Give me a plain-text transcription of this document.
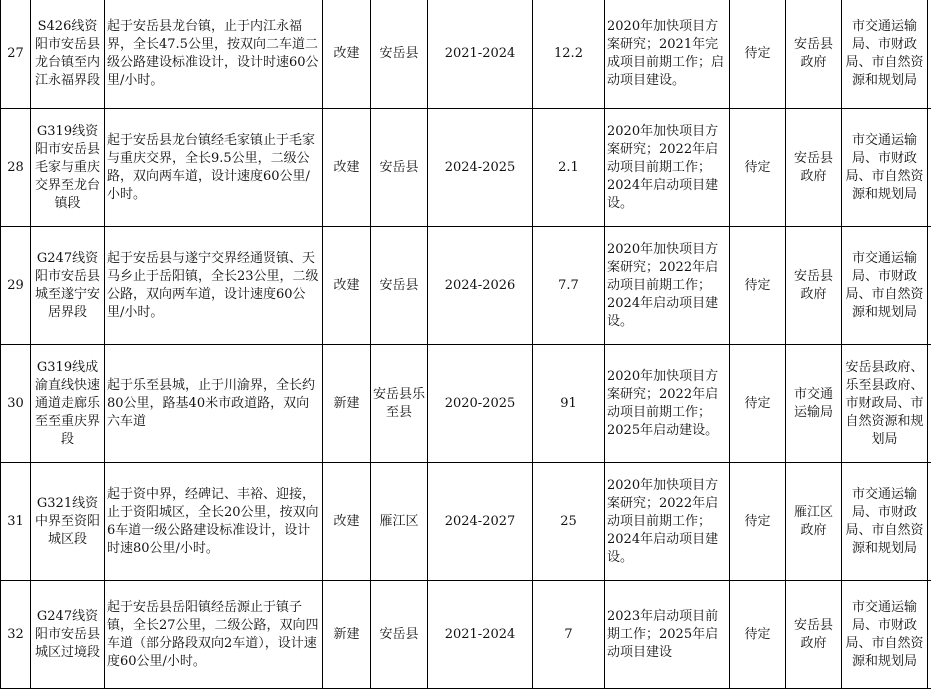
27	S426线资阳市安岳县龙台镇至内江永福界段	起于安岳县龙台镇，止于内江永福界，全长47.5公里，按双向二车道二级公路建设标准设计，设计时速60公里/小时。	改建	安岳县	2021-2024	12.2	2020年加快项目方案研究；2021年完成项目前期工作；启动项目建设。	待定	安岳县政府	市交通运输局、市财政局、市自然资源和规划局	
28	G319线资阳市安岳县毛家与重庆交界至龙台镇段	起于安岳县龙台镇经毛家镇止于毛家与重庆交界，全长9.5公里，二级公路，双向两车道，设计速度60公里/小时。	改建	安岳县	2024-2025	2.1	2020年加快项目方案研究；2022年启动项目前期工作；2024年启动项目建设。	待定	安岳县政府	市交通运输局、市财政局、市自然资源和规划局	
29	G247线资阳市安岳县城至遂宁安居界段	起于安岳县与遂宁交界经通贤镇、天马乡止于岳阳镇，全长23公里，二级公路，双向两车道，设计速度60公里/小时。	改建	安岳县	2024-2026	7.7	2020年加快项目方案研究；2022年启动项目前期工作；2024年启动项目建设。	待定	安岳县政府	市交通运输局、市财政局、市自然资源和规划局	
30	G319线成渝直线快速通道走廊乐至至重庆界段	起于乐至县城，止于川渝界，全长约80公里，路基40米市政道路，双向六车道	新建	安岳县乐至县	2020-2025	91	2020年加快项目方案研究；2022年启动项目前期工作；2025年启动建设。	待定	市交通运输局	安岳县政府、乐至县政府、市财政局、市自然资源和规划局	
31	G321线资中界至资阳城区段	起于资中界，经碑记、丰裕、迎接，止于资阳城区，全长20公里，按双向6车道一级公路建设标准设计，设计时速80公里/小时。	改建	雁江区	2024-2027	25	2020年加快项目方案研究；2022年启动项目前期工作；2024年启动项目建设。	待定	雁江区政府	市交通运输局、市财政局、市自然资源和规划局	
32	G247线资阳市安岳县城区过境段	起于安岳县岳阳镇经岳源止于镇子镇，全长27公里，二级公路，双向四车道（部分路段双向2车道），设计速度60公里/小时。	新建	安岳县	2021-2024	7	2023年启动项目前期工作；2025年启动项目建设	待定	安岳县政府	市交通运输局、市财政局、市自然资源和规划局	
